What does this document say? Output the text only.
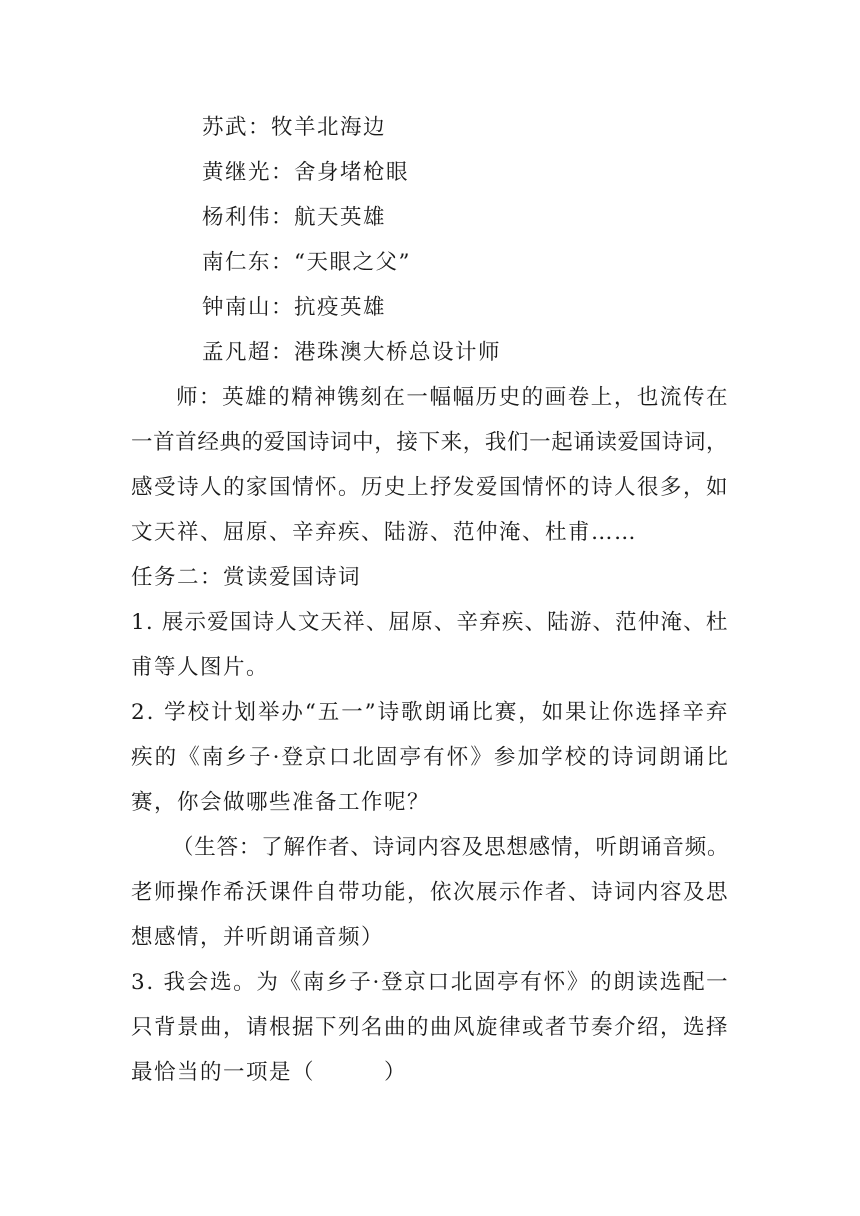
苏武：牧羊北海边
黄继光：舍身堵枪眼
杨利伟：航天英雄
南仁东：“天眼之父”
钟南山：抗疫英雄
孟凡超：港珠澳大桥总设计师
师：英雄的精神镌刻在一幅幅历史的画卷上，也流传在
一首首经典的爱国诗词中，接下来，我们一起诵读爱国诗词，
感受诗人的家国情怀。历史上抒发爱国情怀的诗人很多，如
文天祥、屈原、辛弃疾、陆游、范仲淹、杜甫……
任务二：赏读爱国诗词
1. 展示爱国诗人文天祥、屈原、辛弃疾、陆游、范仲淹、杜
甫等人图片。
2. 学校计划举办“五一”诗歌朗诵比赛，如果让你选择辛弃
疾的《南乡子·登京口北固亭有怀》参加学校的诗词朗诵比
赛，你会做哪些准备工作呢？
（生答：了解作者、诗词内容及思想感情，听朗诵音频。
老师操作希沃课件自带功能，依次展示作者、诗词内容及思
想感情，并听朗诵音频）
3. 我会选。为《南乡子·登京口北固亭有怀》的朗读选配一
只背景曲，请根据下列名曲的曲风旋律或者节奏介绍，选择
最恰当的一项是（　　　）
